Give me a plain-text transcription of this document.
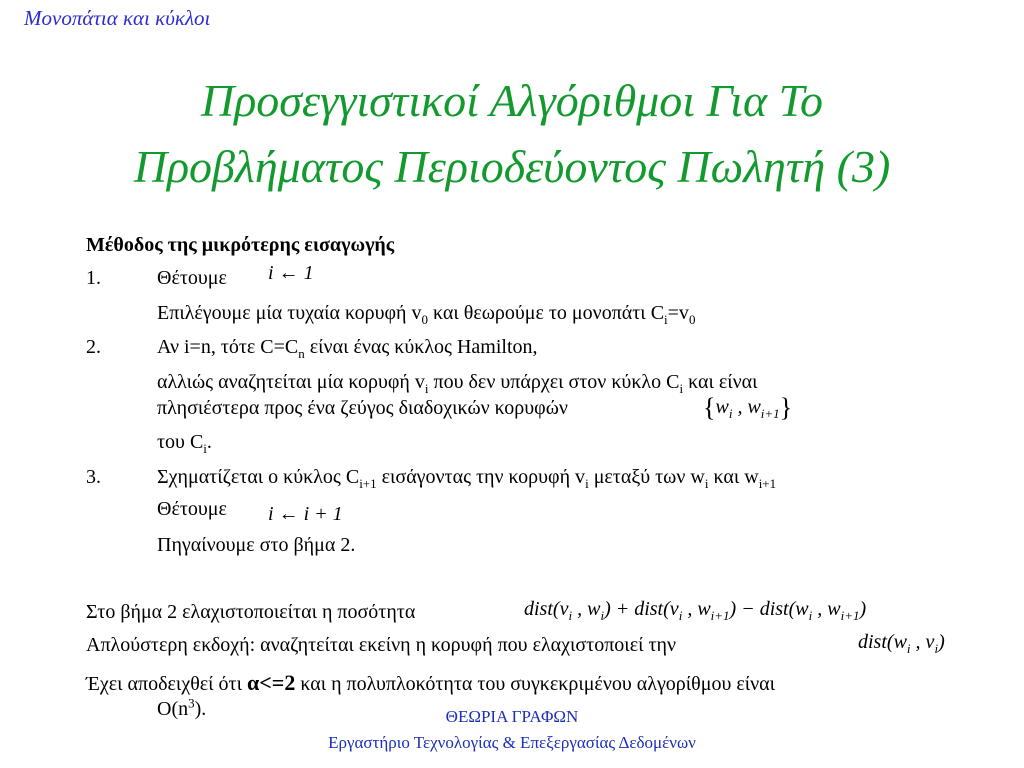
Μονοπάτια και κύκλοι
Προσεγγιστικοί Αλγόριθμοι Για Το
Προβλήματος Περιοδεύοντος Πωλητή (3)
Μέθοδος της μικρότερης εισαγωγής
1.	Θέτουμε i ← 1
Επιλέγουμε μία τυχαία κορυφή $v_0$ και θεωρούμε το μονοπάτι $C_i=v_0$
2.	Αν i=n, τότε $C=C_n$ είναι ένας κύκλος Hamilton,
αλλιώς αναζητείται μία κορυφή $v_i$ που δεν υπάρχει στον κύκλο $C_i$ και είναι
πλησιέστερα προς ένα ζεύγος διαδοχικών κορυφών	{$w_i$ , $w_{i+1}$}
του $C_i$.
3.	Σχηματίζεται ο κύκλος $C_{i+1}$ εισάγοντας την κορυφή $v_i$ μεταξύ των $w_i$ και $w_{i+1}$
Θέτουμε i ← i + 1
Πηγαίνουμε στο βήμα 2.
Στο βήμα 2 ελαχιστοποιείται η ποσότητα	$dist(v_i$ , $w_i$) + $dist(v_i$ , $w_{i+1}$) − $dist(w_i$ , $w_{i+1}$)
Απλούστερη εκδοχή: αναζητείται εκείνη η κορυφή που ελαχιστοποιεί την	$dist(w_i$ , $v_i$)
Έχει αποδειχθεί ότι α<=2 και η πολυπλοκότητα του συγκεκριμένου αλγορίθμου είναι
$O(n^3)$.	ΘΕΩΡΙΑ ΓΡΑΦΩΝ
Εργαστήριο Τεχνολογίας & Επεξεργασίας Δεδομένων
